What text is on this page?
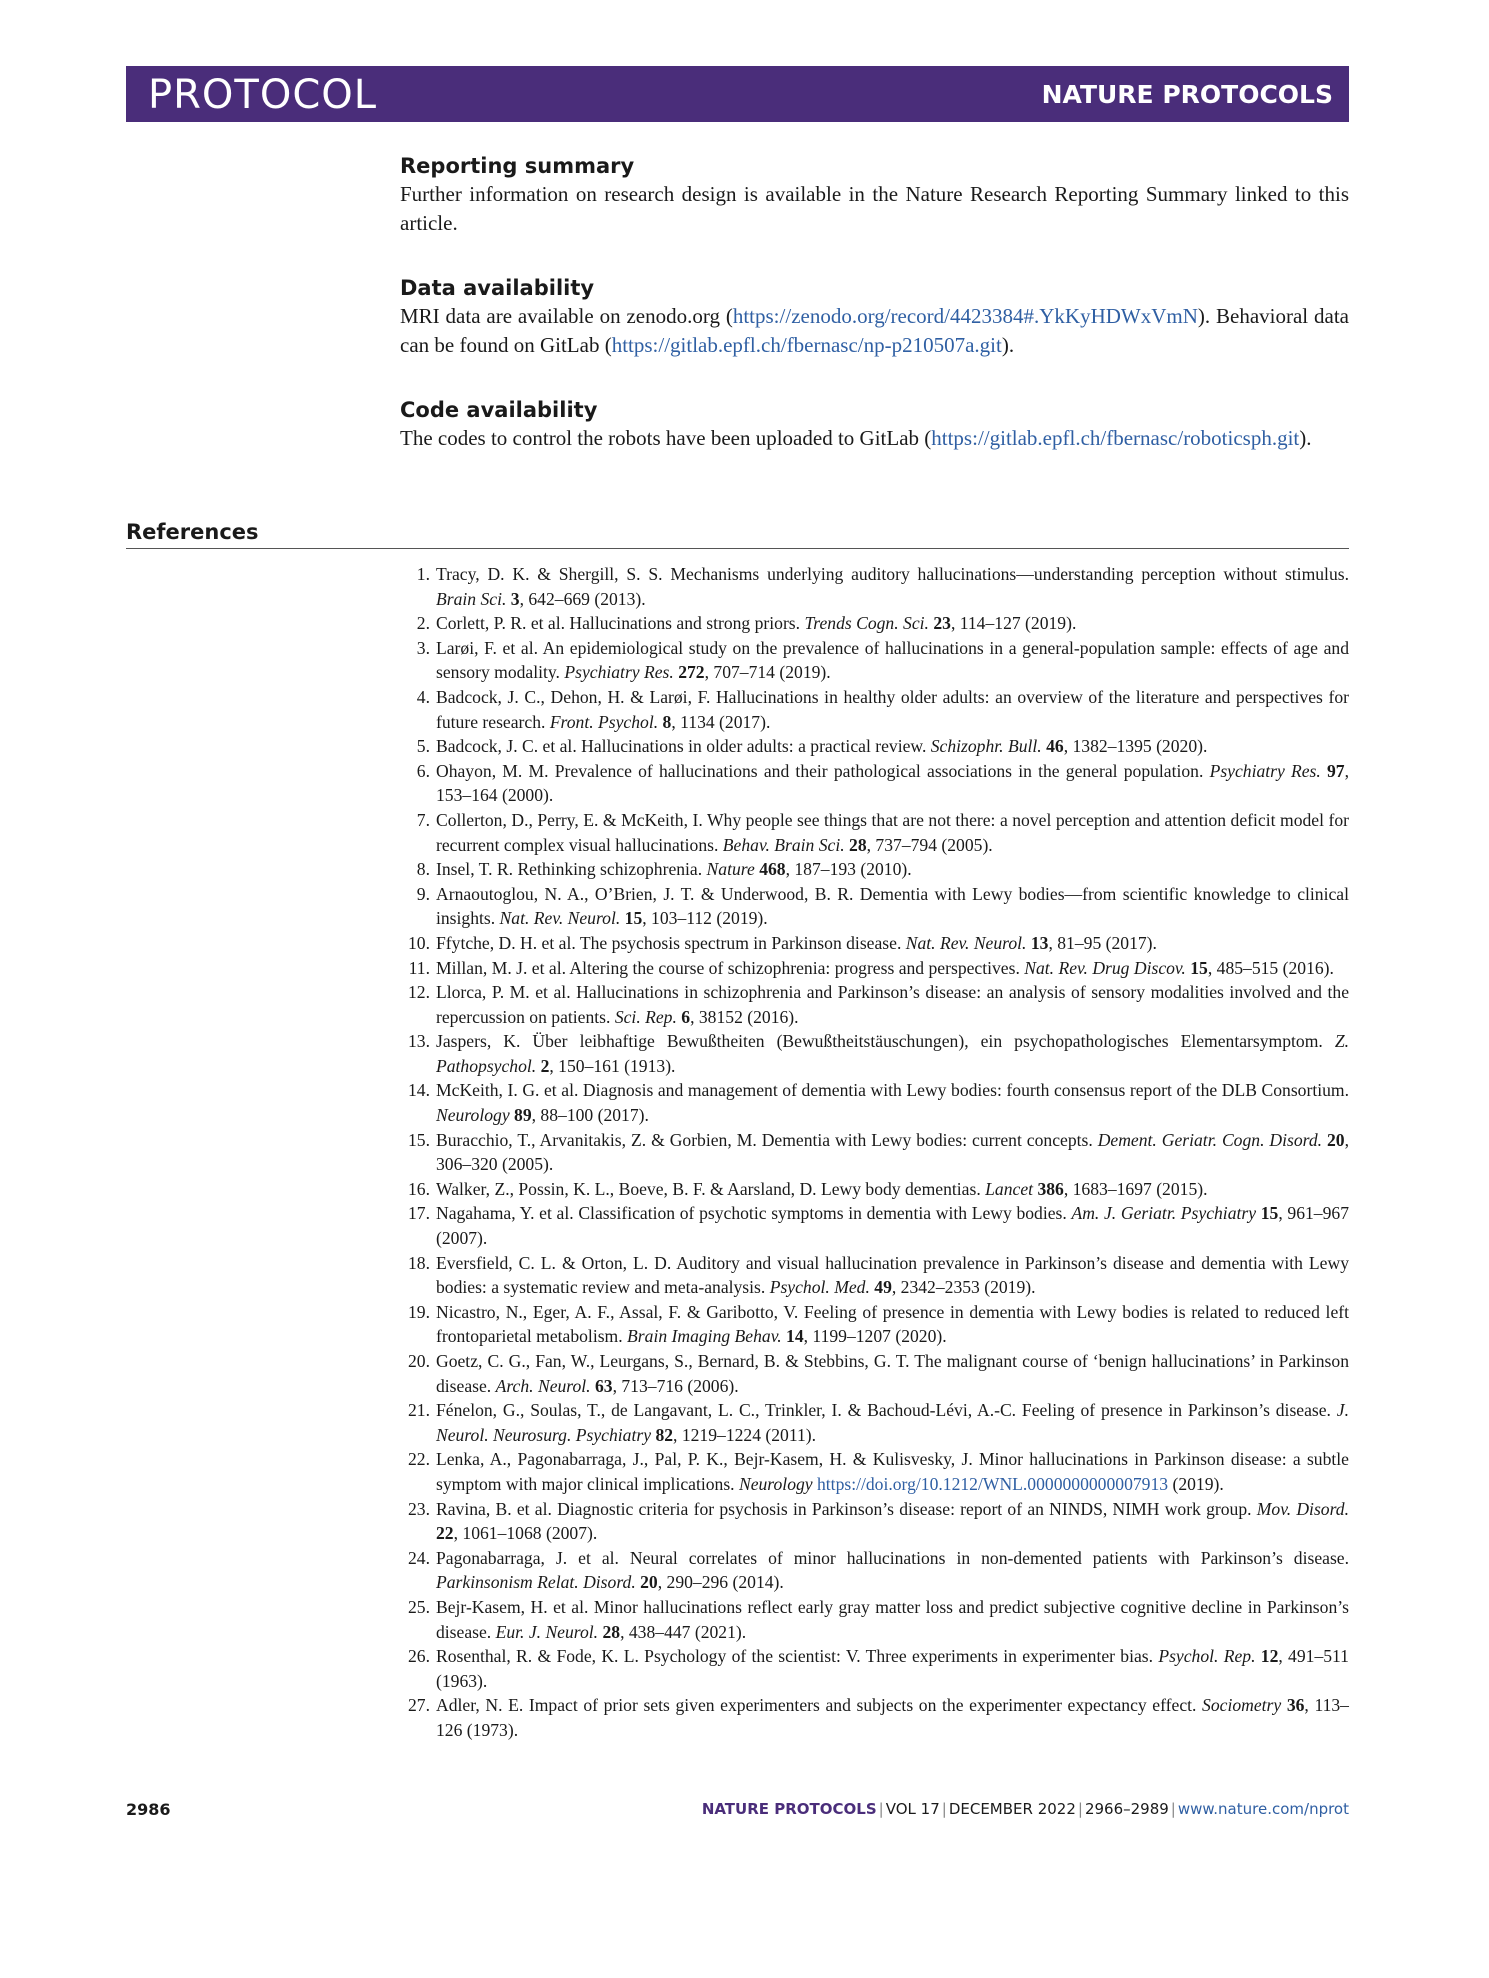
PROTOCOL	NATURE PROTOCOLS
Reporting summary

Further information on research design is available in the Nature Research Reporting Summary linked to this article.

Data availability

MRI data are available on zenodo.org (https://zenodo.org/record/4423384#.YkKyHDWxVmN). Behavioral data can be found on GitLab (https://gitlab.epfl.ch/fbernasc/np-p210507a.git).

Code availability

The codes to control the robots have been uploaded to GitLab (https://gitlab.epfl.ch/fbernasc/roboticsph.git).

References
1. Tracy, D. K. & Shergill, S. S. Mechanisms underlying auditory hallucinations—understanding perception without stimulus. Brain Sci. 3, 642–669 (2013).
2. Corlett, P. R. et al. Hallucinations and strong priors. Trends Cogn. Sci. 23, 114–127 (2019).
3. Larøi, F. et al. An epidemiological study on the prevalence of hallucinations in a general-population sample: effects of age and sensory modality. Psychiatry Res. 272, 707–714 (2019).
4. Badcock, J. C., Dehon, H. & Larøi, F. Hallucinations in healthy older adults: an overview of the literature and perspectives for future research. Front. Psychol. 8, 1134 (2017).
5. Badcock, J. C. et al. Hallucinations in older adults: a practical review. Schizophr. Bull. 46, 1382–1395 (2020).
6. Ohayon, M. M. Prevalence of hallucinations and their pathological associations in the general population. Psychiatry Res. 97, 153–164 (2000).
7. Collerton, D., Perry, E. & McKeith, I. Why people see things that are not there: a novel perception and attention deficit model for recurrent complex visual hallucinations. Behav. Brain Sci. 28, 737–794 (2005).
8. Insel, T. R. Rethinking schizophrenia. Nature 468, 187–193 (2010).
9. Arnaoutoglou, N. A., O’Brien, J. T. & Underwood, B. R. Dementia with Lewy bodies—from scientific knowledge to clinical insights. Nat. Rev. Neurol. 15, 103–112 (2019).
10. Ffytche, D. H. et al. The psychosis spectrum in Parkinson disease. Nat. Rev. Neurol. 13, 81–95 (2017).
11. Millan, M. J. et al. Altering the course of schizophrenia: progress and perspectives. Nat. Rev. Drug Discov. 15, 485–515 (2016).
12. Llorca, P. M. et al. Hallucinations in schizophrenia and Parkinson’s disease: an analysis of sensory modalities involved and the repercussion on patients. Sci. Rep. 6, 38152 (2016).
13. Jaspers, K. Über leibhaftige Bewußtheiten (Bewußtheitstäuschungen), ein psychopathologisches Elementarsymptom. Z. Pathopsychol. 2, 150–161 (1913).
14. McKeith, I. G. et al. Diagnosis and management of dementia with Lewy bodies: fourth consensus report of the DLB Consortium. Neurology 89, 88–100 (2017).
15. Buracchio, T., Arvanitakis, Z. & Gorbien, M. Dementia with Lewy bodies: current concepts. Dement. Geriatr. Cogn. Disord. 20, 306–320 (2005).
16. Walker, Z., Possin, K. L., Boeve, B. F. & Aarsland, D. Lewy body dementias. Lancet 386, 1683–1697 (2015).
17. Nagahama, Y. et al. Classification of psychotic symptoms in dementia with Lewy bodies. Am. J. Geriatr. Psychiatry 15, 961–967 (2007).
18. Eversfield, C. L. & Orton, L. D. Auditory and visual hallucination prevalence in Parkinson’s disease and dementia with Lewy bodies: a systematic review and meta-analysis. Psychol. Med. 49, 2342–2353 (2019).
19. Nicastro, N., Eger, A. F., Assal, F. & Garibotto, V. Feeling of presence in dementia with Lewy bodies is related to reduced left frontoparietal metabolism. Brain Imaging Behav. 14, 1199–1207 (2020).
20. Goetz, C. G., Fan, W., Leurgans, S., Bernard, B. & Stebbins, G. T. The malignant course of ‘benign hallucinations’ in Parkinson disease. Arch. Neurol. 63, 713–716 (2006).
21. Fénelon, G., Soulas, T., de Langavant, L. C., Trinkler, I. & Bachoud-Lévi, A.-C. Feeling of presence in Parkinson’s disease. J. Neurol. Neurosurg. Psychiatry 82, 1219–1224 (2011).
22. Lenka, A., Pagonabarraga, J., Pal, P. K., Bejr-Kasem, H. & Kulisvesky, J. Minor hallucinations in Parkinson disease: a subtle symptom with major clinical implications. Neurology https://doi.org/10.1212/WNL.0000000000007913 (2019).
23. Ravina, B. et al. Diagnostic criteria for psychosis in Parkinson’s disease: report of an NINDS, NIMH work group. Mov. Disord. 22, 1061–1068 (2007).
24. Pagonabarraga, J. et al. Neural correlates of minor hallucinations in non-demented patients with Parkinson’s disease. Parkinsonism Relat. Disord. 20, 290–296 (2014).
25. Bejr-Kasem, H. et al. Minor hallucinations reflect early gray matter loss and predict subjective cognitive decline in Parkinson’s disease. Eur. J. Neurol. 28, 438–447 (2021).
26. Rosenthal, R. & Fode, K. L. Psychology of the scientist: V. Three experiments in experimenter bias. Psychol. Rep. 12, 491–511 (1963).
27. Adler, N. E. Impact of prior sets given experimenters and subjects on the experimenter expectancy effect. Sociometry 36, 113–126 (1973).
2986	NATURE PROTOCOLS | VOL 17 | DECEMBER 2022 | 2966–2989 | www.nature.com/nprot
